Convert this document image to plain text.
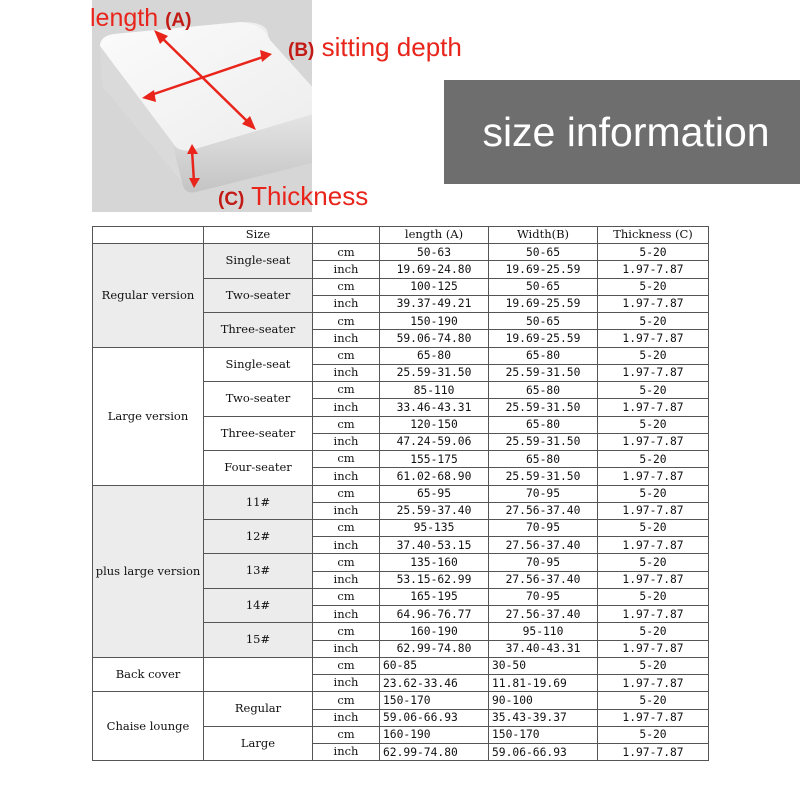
length (A)
(B) sitting depth
(C) Thickness
size information
	Size		length (A)	Width(B)	Thickness (C)
Regular version	Single-seat	cm	50-63	50-65	5-20
		inch	19.69-24.80	19.69-25.59	1.97-7.87
	Two-seater	cm	100-125	50-65	5-20
		inch	39.37-49.21	19.69-25.59	1.97-7.87
	Three-seater	cm	150-190	50-65	5-20
		inch	59.06-74.80	19.69-25.59	1.97-7.87
Large version	Single-seat	cm	65-80	65-80	5-20
		inch	25.59-31.50	25.59-31.50	1.97-7.87
	Two-seater	cm	85-110	65-80	5-20
		inch	33.46-43.31	25.59-31.50	1.97-7.87
	Three-seater	cm	120-150	65-80	5-20
		inch	47.24-59.06	25.59-31.50	1.97-7.87
	Four-seater	cm	155-175	65-80	5-20
		inch	61.02-68.90	25.59-31.50	1.97-7.87
plus large version	11#	cm	65-95	70-95	5-20
		inch	25.59-37.40	27.56-37.40	1.97-7.87
	12#	cm	95-135	70-95	5-20
		inch	37.40-53.15	27.56-37.40	1.97-7.87
	13#	cm	135-160	70-95	5-20
		inch	53.15-62.99	27.56-37.40	1.97-7.87
	14#	cm	165-195	70-95	5-20
		inch	64.96-76.77	27.56-37.40	1.97-7.87
	15#	cm	160-190	95-110	5-20
		inch	62.99-74.80	37.40-43.31	1.97-7.87
Back cover		cm	60-85	30-50	5-20
		inch	23.62-33.46	11.81-19.69	1.97-7.87
Chaise lounge	Regular	cm	150-170	90-100	5-20
		inch	59.06-66.93	35.43-39.37	1.97-7.87
	Large	cm	160-190	150-170	5-20
		inch	62.99-74.80	59.06-66.93	1.97-7.87
